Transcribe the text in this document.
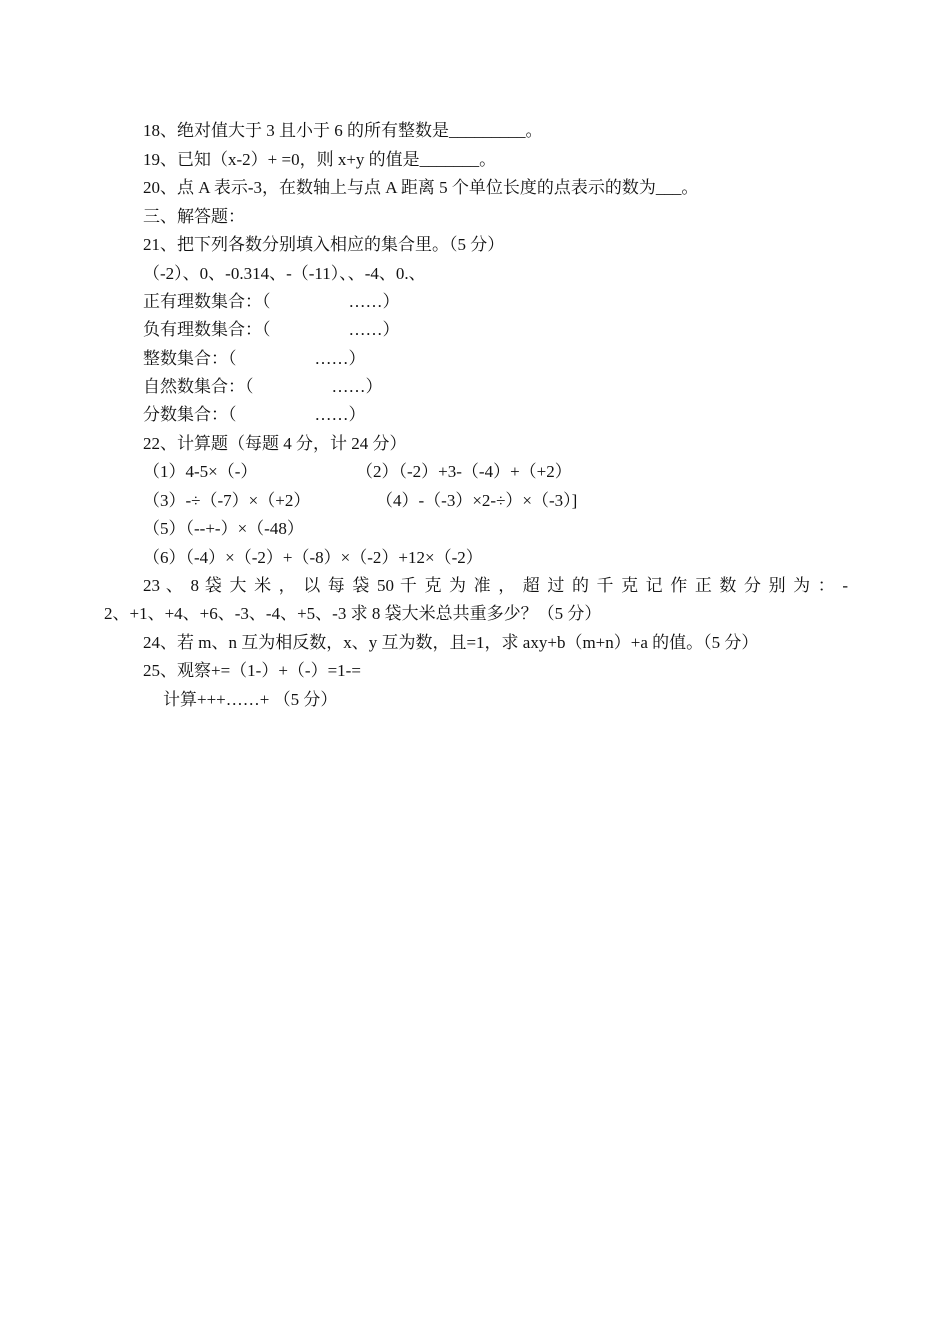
18、绝对值大于 3 且小于 6 的所有整数是_________。
19、已知（x-2）+ =0，则 x+y 的值是_______。
20、点 A 表示-3，在数轴上与点 A 距离 5 个单位长度的点表示的数为___。
三、解答题：
21、把下列各数分别填入相应的集合里。（5 分）
（-2）、0、-0.314、-（-11）、、-4、0.、
正有理数集合：（	……）
负有理数集合：（	……）
整数集合：（	……）
自然数集合：（	……）
分数集合：（	……）
22、计算题（每题 4 分，计 24 分）
（1）4-5×（-）	（2）（-2）+3-（-4）+（+2）
（3）-÷（-7）×（+2）	（4）-（-3）×2-÷）×（-3）]
（5）（--+-）×（-48）
（6）（-4）×（-2）+（-8）×（-2）+12×（-2）
23 、 8 袋 大 米 ， 以 每 袋 50 千 克 为 准 ， 超 过 的 千 克 记 作 正 数 分 别 为 ： -
2、+1、+4、+6、-3、-4、+5、-3 求 8 袋大米总共重多少？（5 分）
24、若 m、n 互为相反数，x、y 互为数，且=1，求 axy+b（m+n）+a 的值。（5 分）
25、观察+=（1-）+（-）=1-=
计算+++……+ （5 分）
